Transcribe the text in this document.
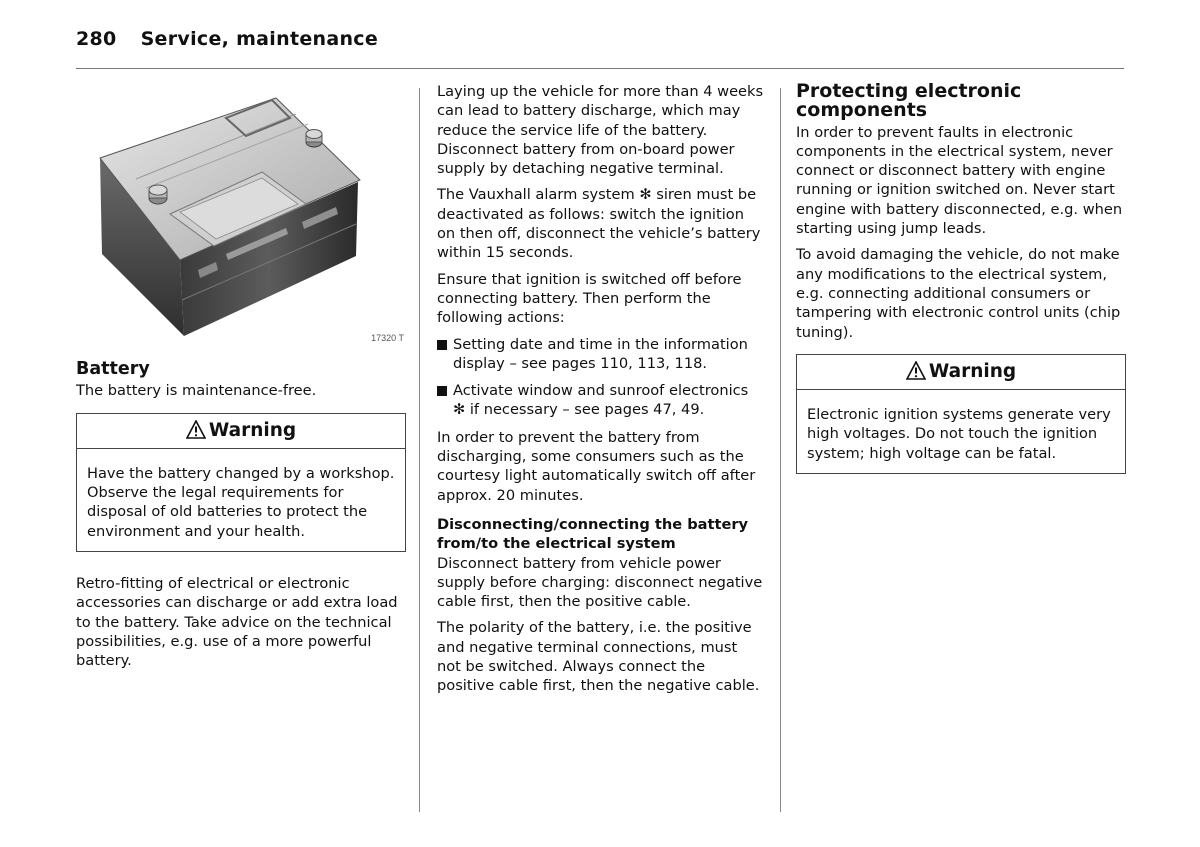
280 Service, maintenance
17320 T
Battery

The battery is maintenance-free.

Warning
Have the battery changed by a workshop. Observe the legal requirements for disposal of old batteries to protect the environment and your health.

Retro-fitting of electrical or electronic accessories can discharge or add extra load to the battery. Take advice on the technical possibilities, e.g. use of a more powerful battery.

Laying up the vehicle for more than 4 weeks can lead to battery discharge, which may reduce the service life of the battery. Disconnect battery from on-board power supply by detaching negative terminal.

The Vauxhall alarm system ✻ siren must be deactivated as follows: switch the ignition on then off, disconnect the vehicle’s battery within 15 seconds.

Ensure that ignition is switched off before connecting battery. Then perform the following actions:

Setting date and time in the information display – see pages 110, 113, 118.
Activate window and sunroof electronics ✻ if necessary – see pages 47, 49.

In order to prevent the battery from discharging, some consumers such as the courtesy light automatically switch off after approx. 20 minutes.

Disconnecting/connecting the battery from/to the electrical system

Disconnect battery from vehicle power supply before charging: disconnect negative cable first, then the positive cable.

The polarity of the battery, i.e. the positive and negative terminal connections, must not be switched. Always connect the positive cable first, then the negative cable.

Protecting electronic components

In order to prevent faults in electronic components in the electrical system, never connect or disconnect battery with engine running or ignition switched on. Never start engine with battery disconnected, e.g. when starting using jump leads.

To avoid damaging the vehicle, do not make any modifications to the electrical system, e.g. connecting additional consumers or tampering with electronic control units (chip tuning).

Warning
Electronic ignition systems generate very high voltages. Do not touch the ignition system; high voltage can be fatal.
